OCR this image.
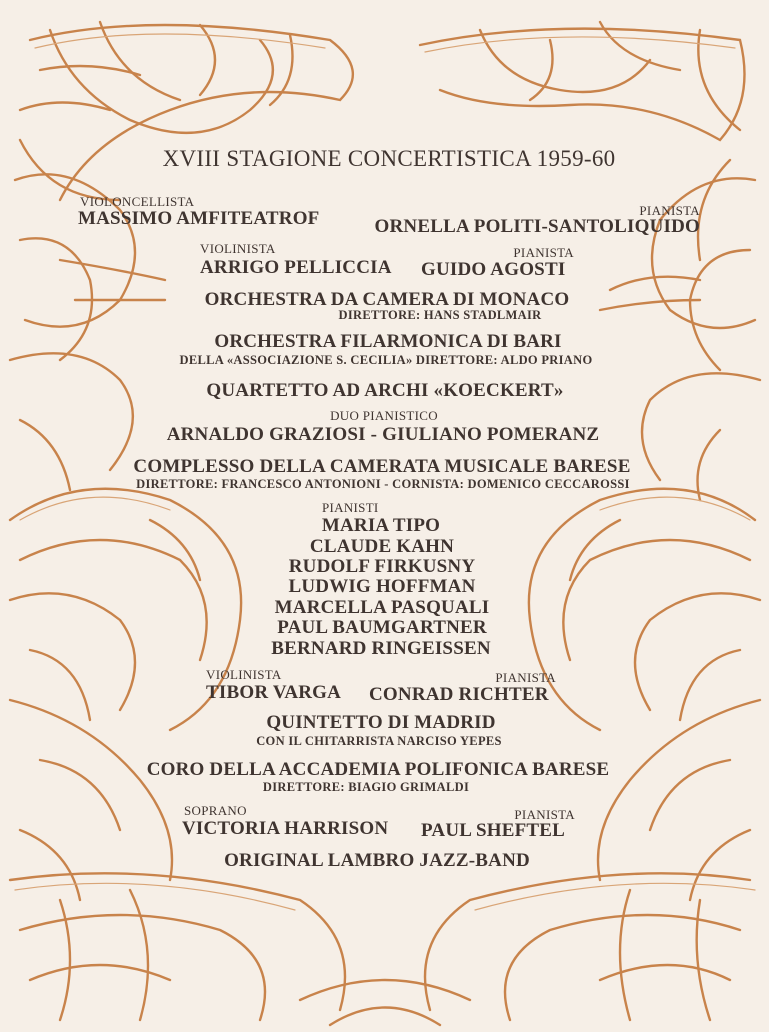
XVIII STAGIONE CONCERTISTICA 1959-60
VIOLONCELLISTA
MASSIMO AMFITEATROF	PIANISTA
ORNELLA POLITI-SANTOLIQUIDO
VIOLINISTA
ARRIGO PELLICCIA
PIANISTA
GUIDO AGOSTI
ORCHESTRA DA CAMERA DI MONACO
DIRETTORE: HANS STADLMAIR
ORCHESTRA FILARMONICA DI BARI
DELLA «ASSOCIAZIONE S. CECILIA» DIRETTORE: ALDO PRIANO
QUARTETTO AD ARCHI «KOECKERT»
DUO PIANISTICO
ARNALDO GRAZIOSI - GIULIANO POMERANZ
COMPLESSO DELLA CAMERATA MUSICALE BARESE
DIRETTORE: FRANCESCO ANTONIONI - CORNISTA: DOMENICO CECCAROSSI
PIANISTI
MARIA TIPO
CLAUDE KAHN
RUDOLF FIRKUSNY
LUDWIG HOFFMAN
MARCELLA PASQUALI
PAUL BAUMGARTNER
BERNARD RINGEISSEN
VIOLINISTA
TIBOR VARGA
PIANISTA
CONRAD RICHTER
QUINTETTO DI MADRID
CON IL CHITARRISTA NARCISO YEPES
CORO DELLA ACCADEMIA POLIFONICA BARESE
DIRETTORE: BIAGIO GRIMALDI
SOPRANO
VICTORIA HARRISON
PIANISTA
PAUL SHEFTEL
ORIGINAL LAMBRO JAZZ-BAND
